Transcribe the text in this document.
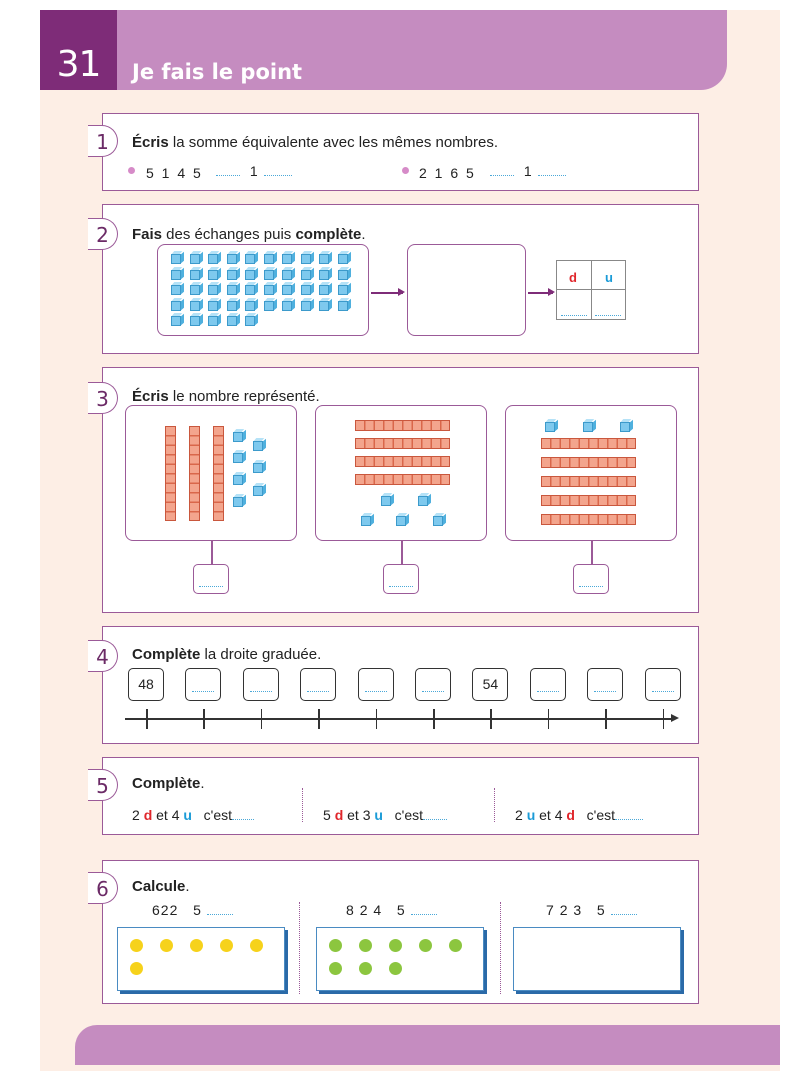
31	Je fais le point
1	Écris la somme équivalente avec les mêmes nombres.
5 1 4 5	1	2 1 6 5	1
2	Fais des échanges puis complète.
d u
3	Écris le nombre représenté.
4	Complète la droite graduée.
48	54
5	Complète.
2 d et 4 u c'est	5 d et 3 u c'est	2 u et 4 d c'est
6	Calcule.
622 5	8 2 4 5	7 2 3 5
